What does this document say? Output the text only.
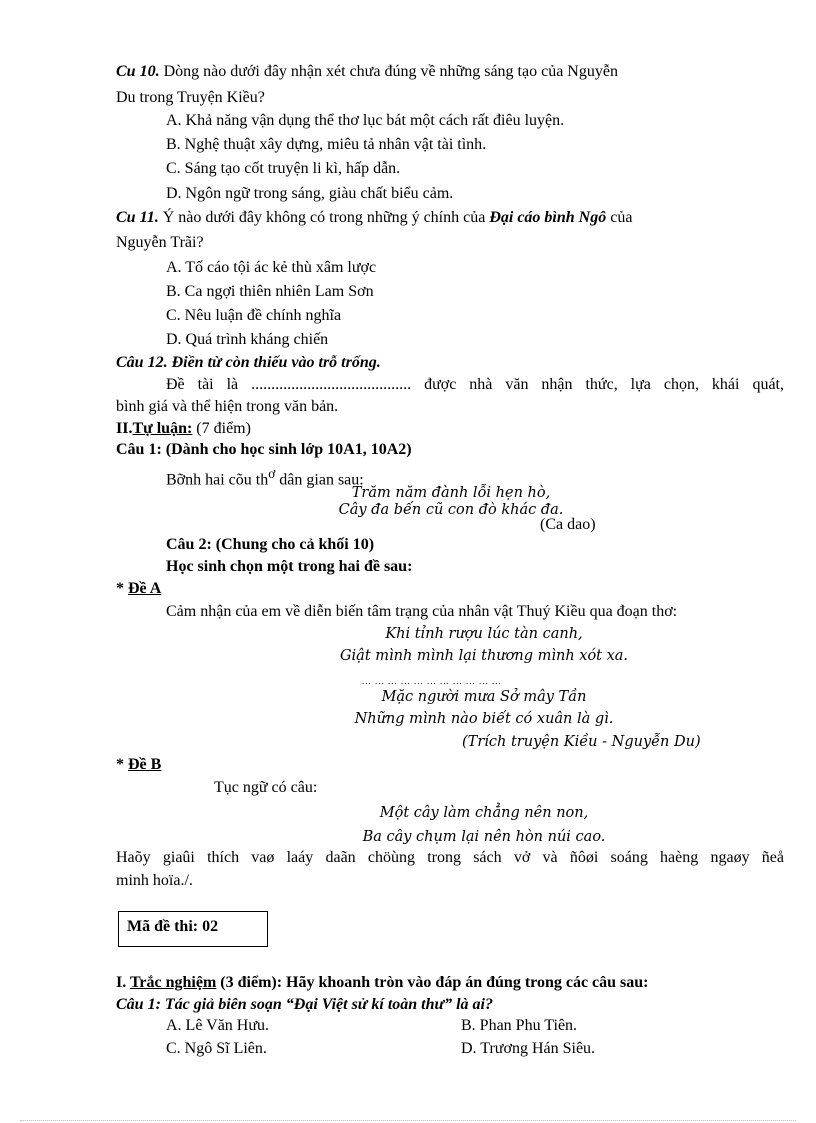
Cu 10. Dòng nào dưới đây nhận xét chưa đúng về những sáng tạo của Nguyễn
Du trong Truyện Kiều?
A. Khả năng vận dụng thể thơ lục bát một cách rất điêu luyện.
B. Nghệ thuật xây dựng, miêu tả nhân vật tài tình.
C. Sáng tạo cốt truyện li kì, hấp dẫn.
D. Ngôn ngữ trong sáng, giàu chất biểu cảm.
Cu 11. Ý nào dưới đây không có trong những ý chính của Đại cáo bình Ngô của
Nguyễn Trãi?
A. Tố cáo tội ác kẻ thù xâm lược
B. Ca ngợi thiên nhiên Lam Sơn
C. Nêu luận đề chính nghĩa
D. Quá trình kháng chiến
Câu 12. Điền từ còn thiếu vào trỗ trống.
Đề tài là ........................................ được nhà văn nhận thức, lựa chọn, khái quát,
bình giá và thể hiện trong văn bản.
II.Tự luận: (7 điểm)
Câu 1: (Dành cho học sinh lớp 10A1, 10A2)
Bỡnh hai cõu $th^ơ$ dân gian sau:
Trăm năm đành lỗi hẹn hò,
Cây đa bến cũ con đò khác đa.
(Ca dao)
Câu 2: (Chung cho cả khối 10)
Học sinh chọn một trong hai đề sau:
* Đề A
Cảm nhận của em về diễn biến tâm trạng của nhân vật Thuý Kiều qua đoạn thơ:
Khi tỉnh rượu lúc tàn canh,
Giật mình mình lại thương mình xót xa.
... ... ... ... ... ... ... ... ... ... ...
Mặc người mưa Sở mây Tần
Những mình nào biết có xuân là gì.
(Trích truyện Kiều - Nguyễn Du)
* Đề B
Tục ngữ có câu:
Một cây làm chẳng nên non,
Ba cây chụm lại nên hòn núi cao.
Haõy giaûi thích vaø laáy daãn chöùng trong sách vở và ñôøi soáng haèng ngaøy ñeå
minh hoïa./.
Mã đề thi: 02
I. Trắc nghiệm (3 điểm): Hãy khoanh tròn vào đáp án đúng trong các câu sau:
Câu 1: Tác giả biên soạn “Đại Việt sử kí toàn thư” là ai?
A. Lê Văn Hưu.	B. Phan Phu Tiên.
C. Ngô Sĩ Liên.	D. Trương Hán Siêu.
